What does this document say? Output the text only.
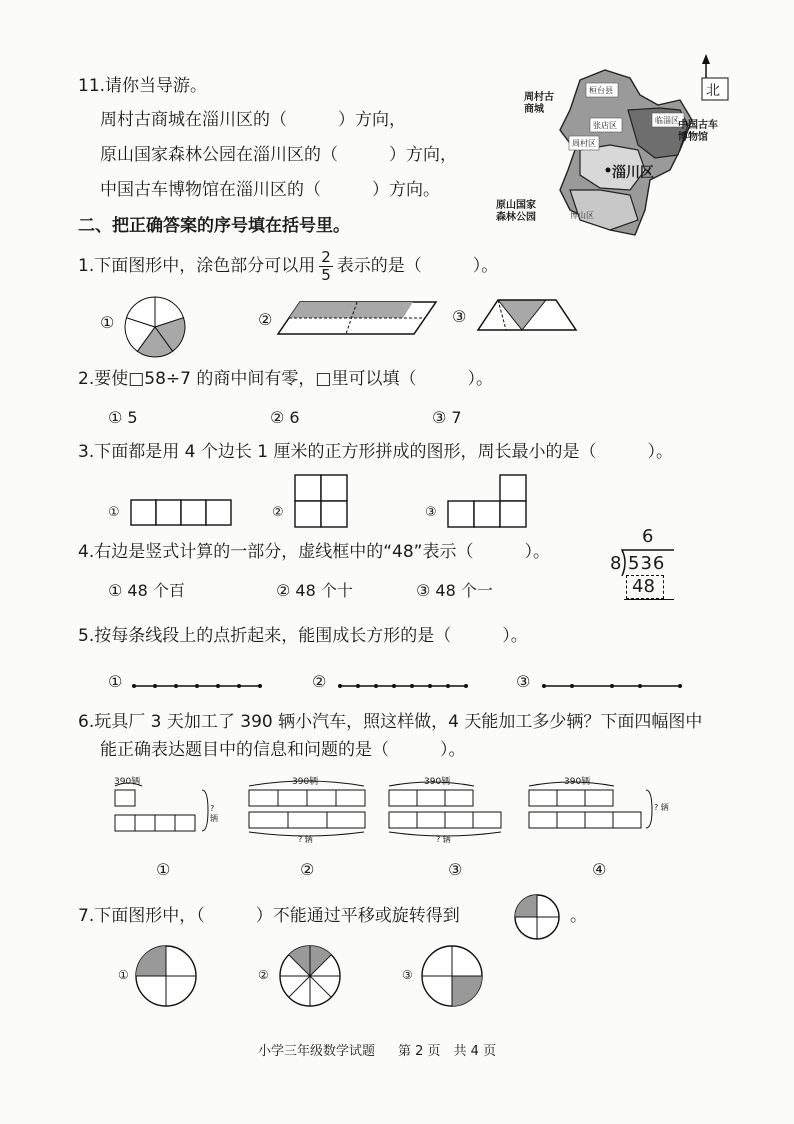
11.请你当导游。
周村古商城在淄川区的（　　　）方向，
原山国家森林公园在淄川区的（　　　）方向，
中国古车博物馆在淄川区的（　　　）方向。
桓台县
张店区
临淄区
周村区
博山区
北
周村古
商城
淄川区
中国古车
博物馆
原山国家
森林公园
二、把正确答案的序号填在括号里。
1.下面图形中，涂色部分可以用 $\frac{2}{5}$ 表示的是（　　　）。
①	②	③
2.要使□58÷7 的商中间有零，□里可以填（　　　）。
① 5	② 6	③ 7
3.下面都是用 4 个边长 1 厘米的正方形拼成的图形，周长最小的是（　　　）。
①	②	③
4.右边是竖式计算的一部分，虚线框中的“48”表示（　　　）。
① 48 个百	② 48 个十	③ 48 个一
6
8 536
48
5.按每条线段上的点折起来，能围成长方形的是（　　　）。
①	②	③
6.玩具厂 3 天加工了 390 辆小汽车，照这样做，4 天能加工多少辆？下面四幅图中
能正确表达题目中的信息和问题的是（　　　）。
390辆
? 辆
390辆
? 辆
390辆
? 辆
390辆
? 辆
①	②	③	④
7.下面图形中，（　　　）不能通过平移或旋转得到	。
①	②	③
小学三年级数学试题 第 2 页　共 4 页
